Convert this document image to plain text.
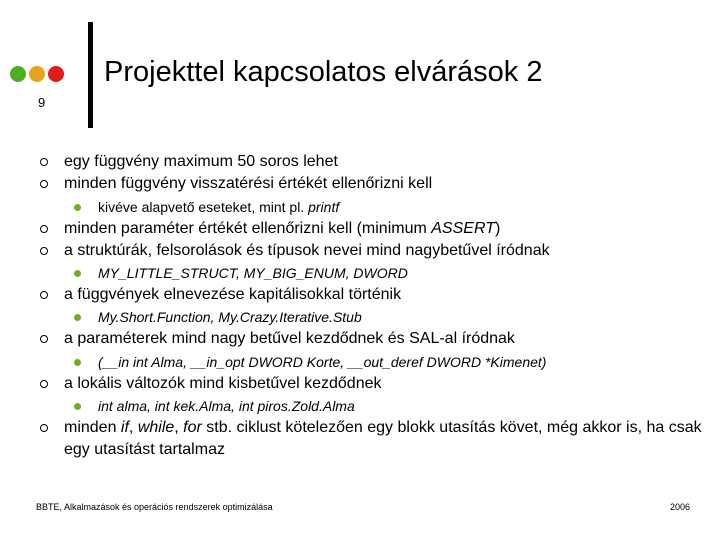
9
Projekttel kapcsolatos elvárások 2
egy függvény maximum 50 soros lehet
minden függvény visszatérési értékét ellenőrizni kell
kivéve alapvető eseteket, mint pl. printf
minden paraméter értékét ellenőrizni kell (minimum ASSERT)
a struktúrák, felsorolások és típusok nevei mind nagybetűvel íródnak
MY_LITTLE_STRUCT, MY_BIG_ENUM, DWORD
a függvények elnevezése kapitálisokkal történik
My.Short.Function, My.Crazy.Iterative.Stub
a paraméterek mind nagy betűvel kezdődnek és SAL-al íródnak
(__in int Alma, __in_opt DWORD Korte, __out_deref DWORD *Kimenet)
a lokális változók mind kisbetűvel kezdődnek
int alma, int kek.Alma, int piros.Zold.Alma
minden if, while, for stb. ciklust kötelezően egy blokk utasítás követ, még akkor is, ha csak egy utasítást tartalmaz
BBTE, Alkalmazások és operációs rendszerek optimizálása	2006
